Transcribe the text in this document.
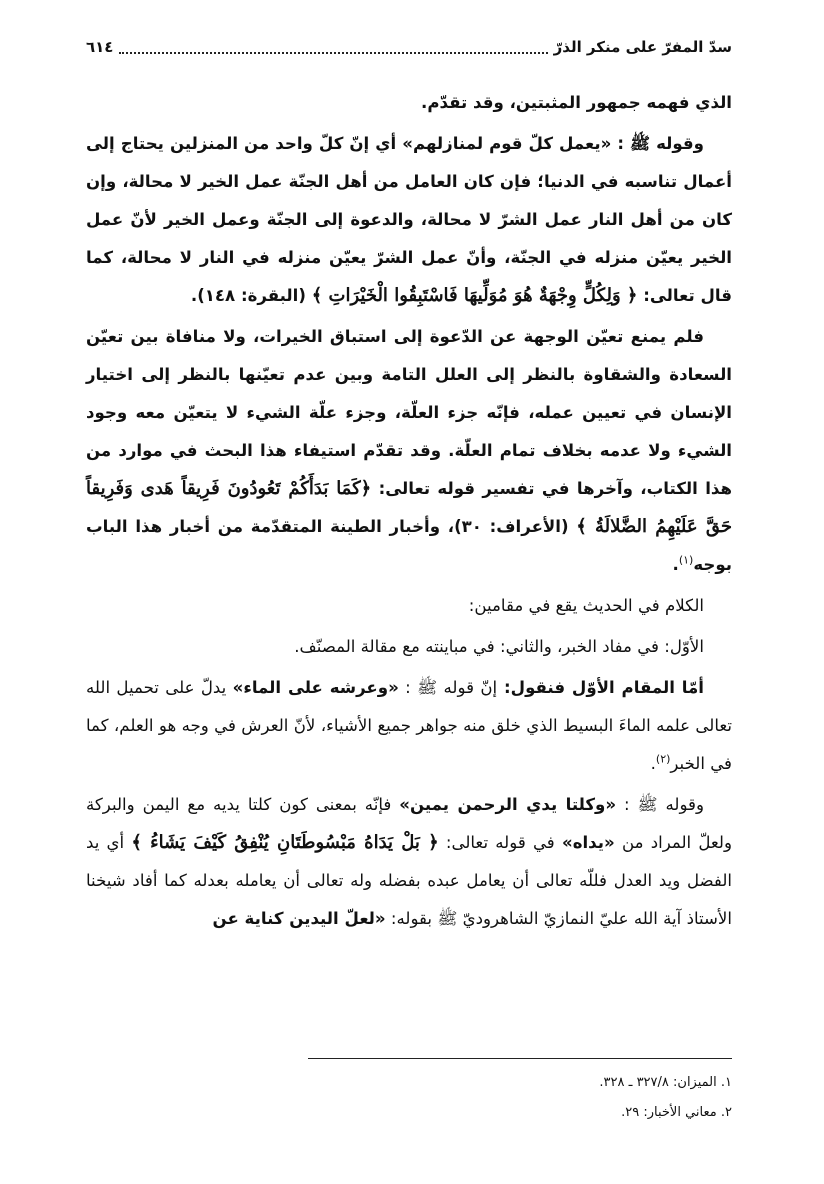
سدّ المفرّ على منكر الذرّ
٦١٤

الذي فهمه جمهور المثبتين، وقد تقدّم.

وقوله ﷺ : «يعمل كلّ قوم لمنازلهم» أي إنّ كلّ واحد من المنزلين يحتاج إلى أعمال تناسبه في الدنيا؛ فإن كان العامل من أهل الجنّة عمل الخير لا محالة، وإن كان من أهل النار عمل الشرّ لا محالة، والدعوة إلى الجنّة وعمل الخير لأنّ عمل الخير يعيّن منزله في الجنّة، وأنّ عمل الشرّ يعيّن منزله في النار لا محالة، كما قال تعالى: ﴿ وَلِكُلٍّ وِجْهَةٌ هُوَ مُوَلِّيهَا فَاسْتَبِقُوا الْخَيْرَاتِ ﴾ (البقرة: ١٤٨).

فلم يمنع تعيّن الوجهة عن الدّعوة إلى استباق الخيرات، ولا منافاة بين تعيّن السعادة والشقاوة بالنظر إلى العلل التامة وبين عدم تعيّنها بالنظر إلى اختيار الإنسان في تعيين عمله، فإنّه جزء العلّة، وجزء علّة الشيء لا يتعيّن معه وجود الشيء ولا عدمه بخلاف تمام العلّة. وقد تقدّم استيفاء هذا البحث في موارد من هذا الكتاب، وآخرها في تفسير قوله تعالى: ﴿كَمَا بَدَأَكُمْ تَعُودُونَ فَرِيقاً هَدى وَفَرِيقاً حَقَّ عَلَيْهِمُ الضَّلالَةُ ﴾ (الأعراف: ٣٠)، وأخبار الطينة المتقدّمة من أخبار هذا الباب بوجه$^{(١)}$.

الكلام في الحديث يقع في مقامين:

الأوّل: في مفاد الخبر، والثاني: في مباينته مع مقالة المصنّف.

أمّا المقام الأوّل فنقول: إنّ قوله ﷺ : «وعرشه على الماء» يدلّ على تحميل الله تعالى علمه الماءَ البسيط الذي خلق منه جواهر جميع الأشياء، لأنّ العرش في وجه هو العلم، كما في الخبر$^{(٢)}$.

وقوله ﷺ : «وكلتا يدي الرحمن يمين» فإنّه بمعنى كون كلتا يديه مع اليمن والبركة ولعلّ المراد من «يداه» في قوله تعالى: ﴿ بَلْ يَدَاهُ مَبْسُوطَتَانِ يُنْفِقُ كَيْفَ يَشَاءُ ﴾ أي يد الفضل ويد العدل فللّه تعالى أن يعامل عبده بفضله وله تعالى أن يعامله بعدله كما أفاد شيخنا الأستاذ آية الله عليّ النمازيّ الشاهروديّ ﷺ بقوله: «لعلّ اليدين كناية عن

١. الميزان: ٣٢٧/٨ ـ ٣٢٨.
٢. معاني الأخبار: ٢٩.
